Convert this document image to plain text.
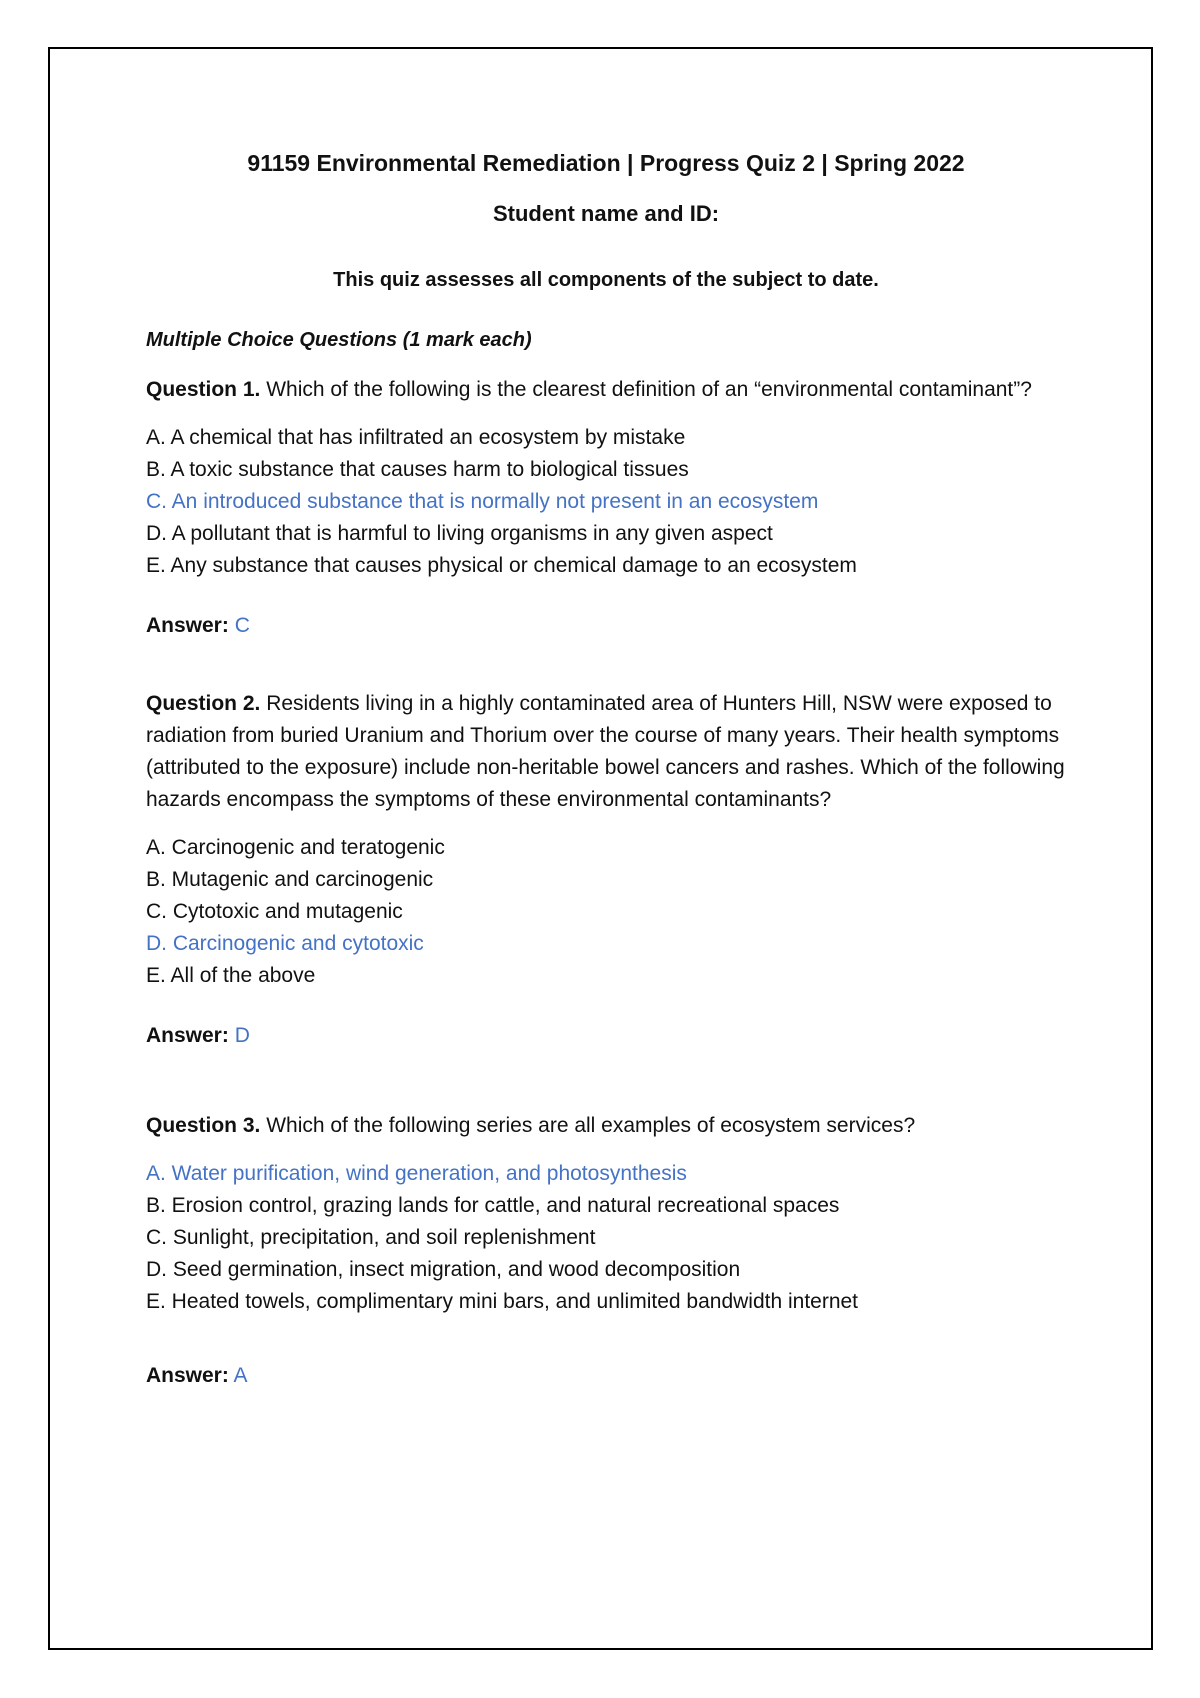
91159 Environmental Remediation | Progress Quiz 2 | Spring 2022

Student name and ID:

This quiz assesses all components of the subject to date.

Multiple Choice Questions (1 mark each)

Question 1. Which of the following is the clearest definition of an “environmental contaminant”?

A. A chemical that has infiltrated an ecosystem by mistake
B. A toxic substance that causes harm to biological tissues
C. An introduced substance that is normally not present in an ecosystem
D. A pollutant that is harmful to living organisms in any given aspect
E. Any substance that causes physical or chemical damage to an ecosystem

Answer: C

Question 2. Residents living in a highly contaminated area of Hunters Hill, NSW were exposed to radiation from buried Uranium and Thorium over the course of many years. Their health symptoms (attributed to the exposure) include non-heritable bowel cancers and rashes. Which of the following hazards encompass the symptoms of these environmental contaminants?

A. Carcinogenic and teratogenic
B. Mutagenic and carcinogenic
C. Cytotoxic and mutagenic
D. Carcinogenic and cytotoxic
E. All of the above

Answer: D

Question 3. Which of the following series are all examples of ecosystem services?

A. Water purification, wind generation, and photosynthesis
B. Erosion control, grazing lands for cattle, and natural recreational spaces
C. Sunlight, precipitation, and soil replenishment
D. Seed germination, insect migration, and wood decomposition
E. Heated towels, complimentary mini bars, and unlimited bandwidth internet

Answer: A
